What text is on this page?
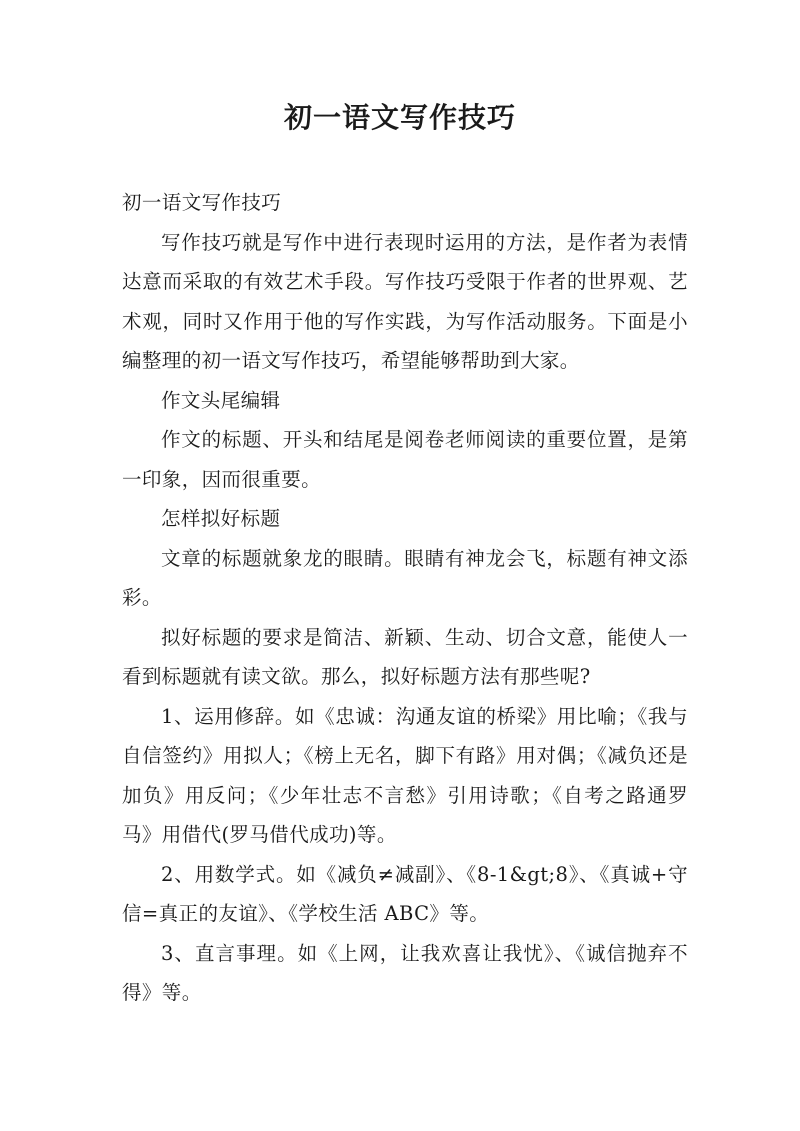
初一语文写作技巧

初一语文写作技巧

写作技巧就是写作中进行表现时运用的方法，是作者为表情达意而采取的有效艺术手段。写作技巧受限于作者的世界观、艺术观，同时又作用于他的写作实践，为写作活动服务。下面是小编整理的初一语文写作技巧，希望能够帮助到大家。

作文头尾编辑

作文的标题、开头和结尾是阅卷老师阅读的重要位置，是第一印象，因而很重要。

怎样拟好标题

文章的标题就象龙的眼睛。眼睛有神龙会飞，标题有神文添彩。

拟好标题的要求是简洁、新颖、生动、切合文意，能使人一看到标题就有读文欲。那么，拟好标题方法有那些呢?

1、运用修辞。如《忠诚：沟通友谊的桥梁》用比喻；《我与自信签约》用拟人；《榜上无名，脚下有路》用对偶；《减负还是加负》用反问；《少年壮志不言愁》引用诗歌；《自考之路通罗马》用借代(罗马借代成功)等。

2、用数学式。如《减负≠减副》、《8-1&gt;8》、《真诚+守信=真正的友谊》、《学校生活 ABC》等。

3、直言事理。如《上网，让我欢喜让我忧》、《诚信抛弃不得》等。
